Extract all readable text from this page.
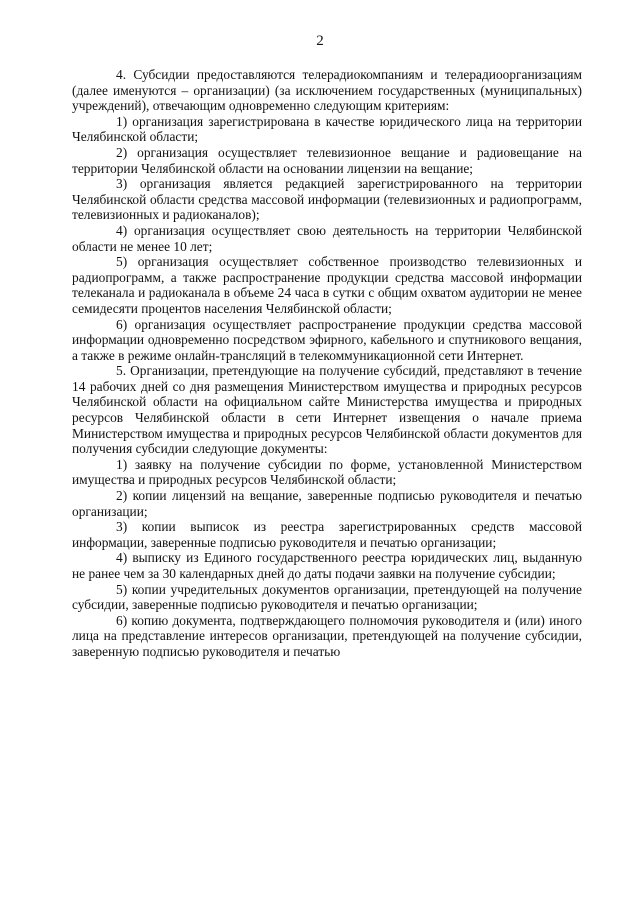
2

4. Субсидии предоставляются телерадиокомпаниям и телерадиоорганизациям (далее именуются – организации) (за исключением государственных (муниципальных) учреждений), отвечающим одновременно следующим критериям:

1) организация зарегистрирована в качестве юридического лица на территории Челябинской области;

2) организация осуществляет телевизионное вещание и радиовещание на территории Челябинской области на основании лицензии на вещание;

3) организация является редакцией зарегистрированного на территории Челябинской области средства массовой информации (телевизионных и радиопрограмм, телевизионных и радиоканалов);

4) организация осуществляет свою деятельность на территории Челябинской области не менее 10 лет;

5) организация осуществляет собственное производство телевизионных и радиопрограмм, а также распространение продукции средства массовой информации телеканала и радиоканала в объеме 24 часа в сутки с общим охватом аудитории не менее семидесяти процентов населения Челябинской области;

6) организация осуществляет распространение продукции средства массовой информации одновременно посредством эфирного, кабельного и спутникового вещания, а также в режиме онлайн-трансляций в телекоммуникационной сети Интернет.

5. Организации, претендующие на получение субсидий, представляют в течение 14 рабочих дней со дня размещения Министерством имущества и природных ресурсов Челябинской области на официальном сайте Министерства имущества и природных ресурсов Челябинской области в сети Интернет извещения о начале приема Министерством имущества и природных ресурсов Челябинской области документов для получения субсидии следующие документы:

1) заявку на получение субсидии по форме, установленной Министерством имущества и природных ресурсов Челябинской области;

2) копии лицензий на вещание, заверенные подписью руководителя и печатью организации;

3) копии выписок из реестра зарегистрированных средств массовой информации, заверенные подписью руководителя и печатью организации;

4) выписку из Единого государственного реестра юридических лиц, выданную не ранее чем за 30 календарных дней до даты подачи заявки на получение субсидии;

5) копии учредительных документов организации, претендующей на получение субсидии, заверенные подписью руководителя и печатью организации;

6) копию документа, подтверждающего полномочия руководителя и (или) иного лица на представление интересов организации, претендующей на получение субсидии, заверенную подписью руководителя и печатью
